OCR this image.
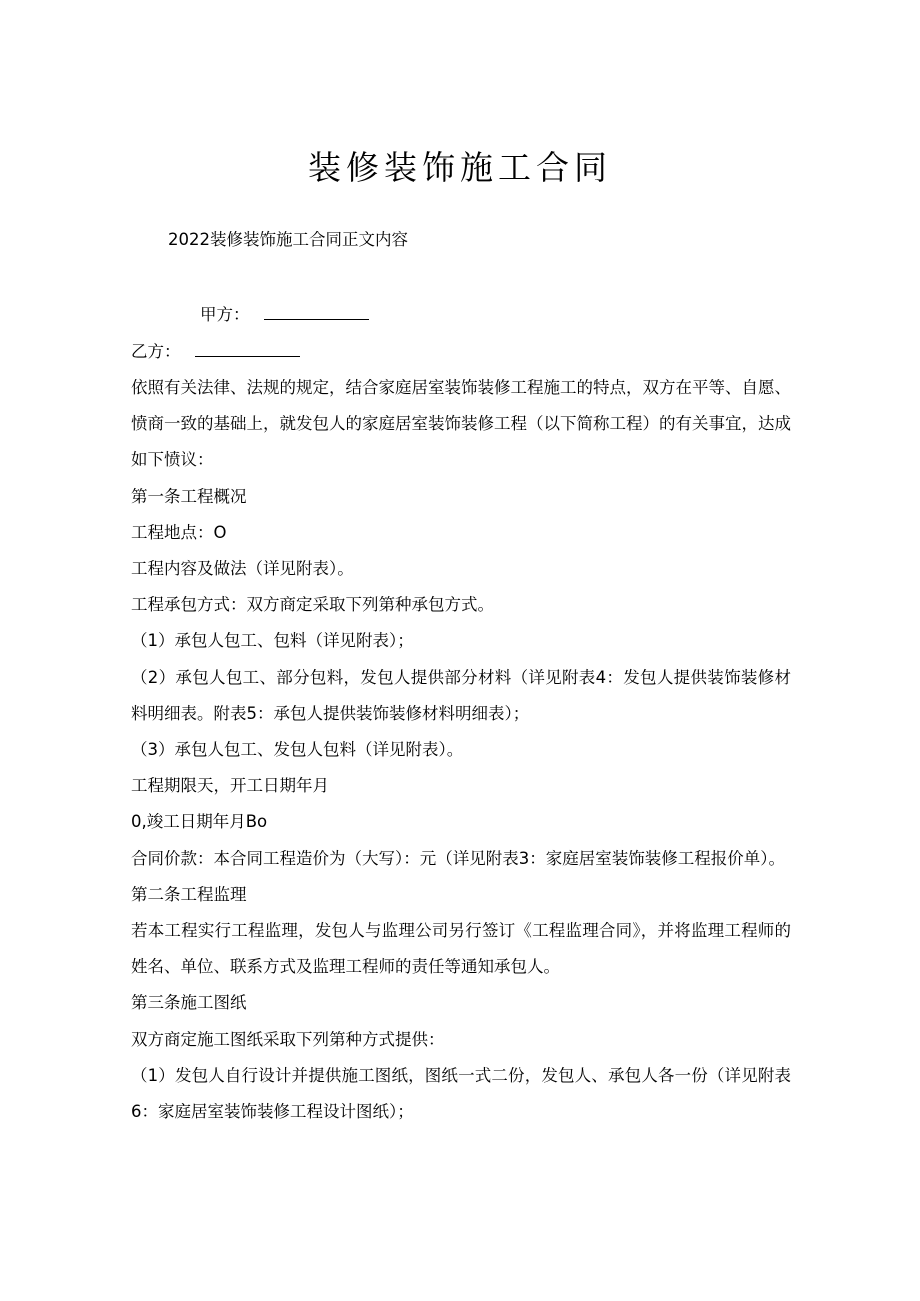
装修装饰施工合同
2022装修装饰施工合同正文内容
甲方：
乙方：

依照有关法律、法规的规定，结合家庭居室装饰装修工程施工的特点，双方在平等、自愿、愤商一致的基础上，就发包人的家庭居室装饰装修工程（以下简称工程）的有关事宜，达成如下愤议：

第一条工程概况

工程地点：O

工程内容及做法（详见附表）。

工程承包方式：双方商定采取下列第种承包方式。

（1）承包人包工、包料（详见附表）；

（2）承包人包工、部分包料，发包人提供部分材料（详见附表4：发包人提供装饰装修材料明细表。附表5：承包人提供装饰装修材料明细表）；

（3）承包人包工、发包人包料（详见附表）。

工程期限天，开工日期年月

0,竣工日期年月Bo

合同价款：本合同工程造价为（大写）：元（详见附表3：家庭居室装饰装修工程报价单）。

第二条工程监理

若本工程实行工程监理，发包人与监理公司另行签订《工程监理合同》，并将监理工程师的姓名、单位、联系方式及监理工程师的责任等通知承包人。

第三条施工图纸

双方商定施工图纸采取下列第种方式提供：

（1）发包人自行设计并提供施工图纸，图纸一式二份，发包人、承包人各一份（详见附表6：家庭居室装饰装修工程设计图纸）；
